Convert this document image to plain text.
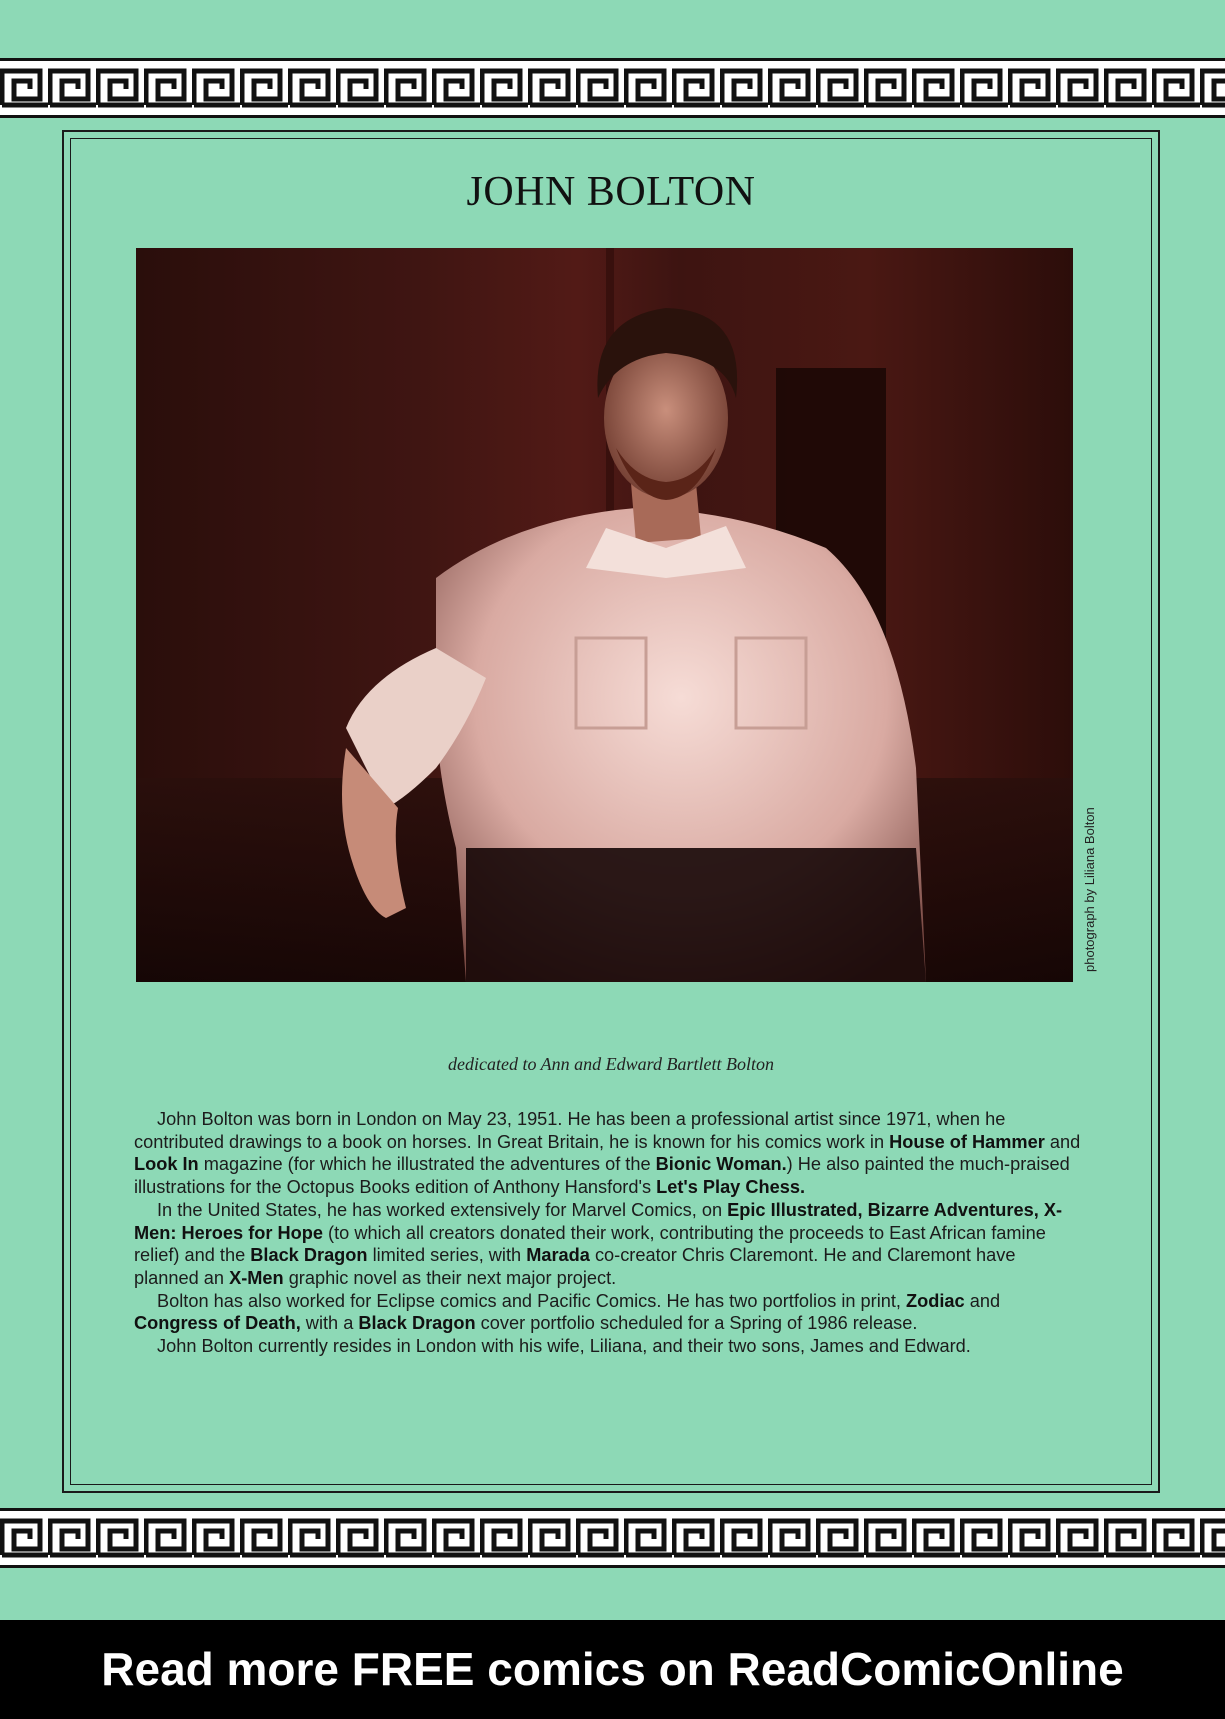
JOHN BOLTON
photograph by Liliana Bolton
dedicated to Ann and Edward Bartlett Bolton

John Bolton was born in London on May 23, 1951. He has been a professional artist since 1971, when he contributed drawings to a book on horses. In Great Britain, he is known for his comics work in House of Hammer and Look In magazine (for which he illustrated the adventures of the Bionic Woman.) He also painted the much-praised illustrations for the Octopus Books edition of Anthony Hansford's Let's Play Chess.

In the United States, he has worked extensively for Marvel Comics, on Epic Illustrated, Bizarre Adventures, X-Men: Heroes for Hope (to which all creators donated their work, contributing the proceeds to East African famine relief) and the Black Dragon limited series, with Marada co-creator Chris Claremont. He and Claremont have planned an X-Men graphic novel as their next major project.

Bolton has also worked for Eclipse comics and Pacific Comics. He has two portfolios in print, Zodiac and Congress of Death, with a Black Dragon cover portfolio scheduled for a Spring of 1986 release.

John Bolton currently resides in London with his wife, Liliana, and their two sons, James and Edward.

Read more FREE comics on ReadComicOnline
